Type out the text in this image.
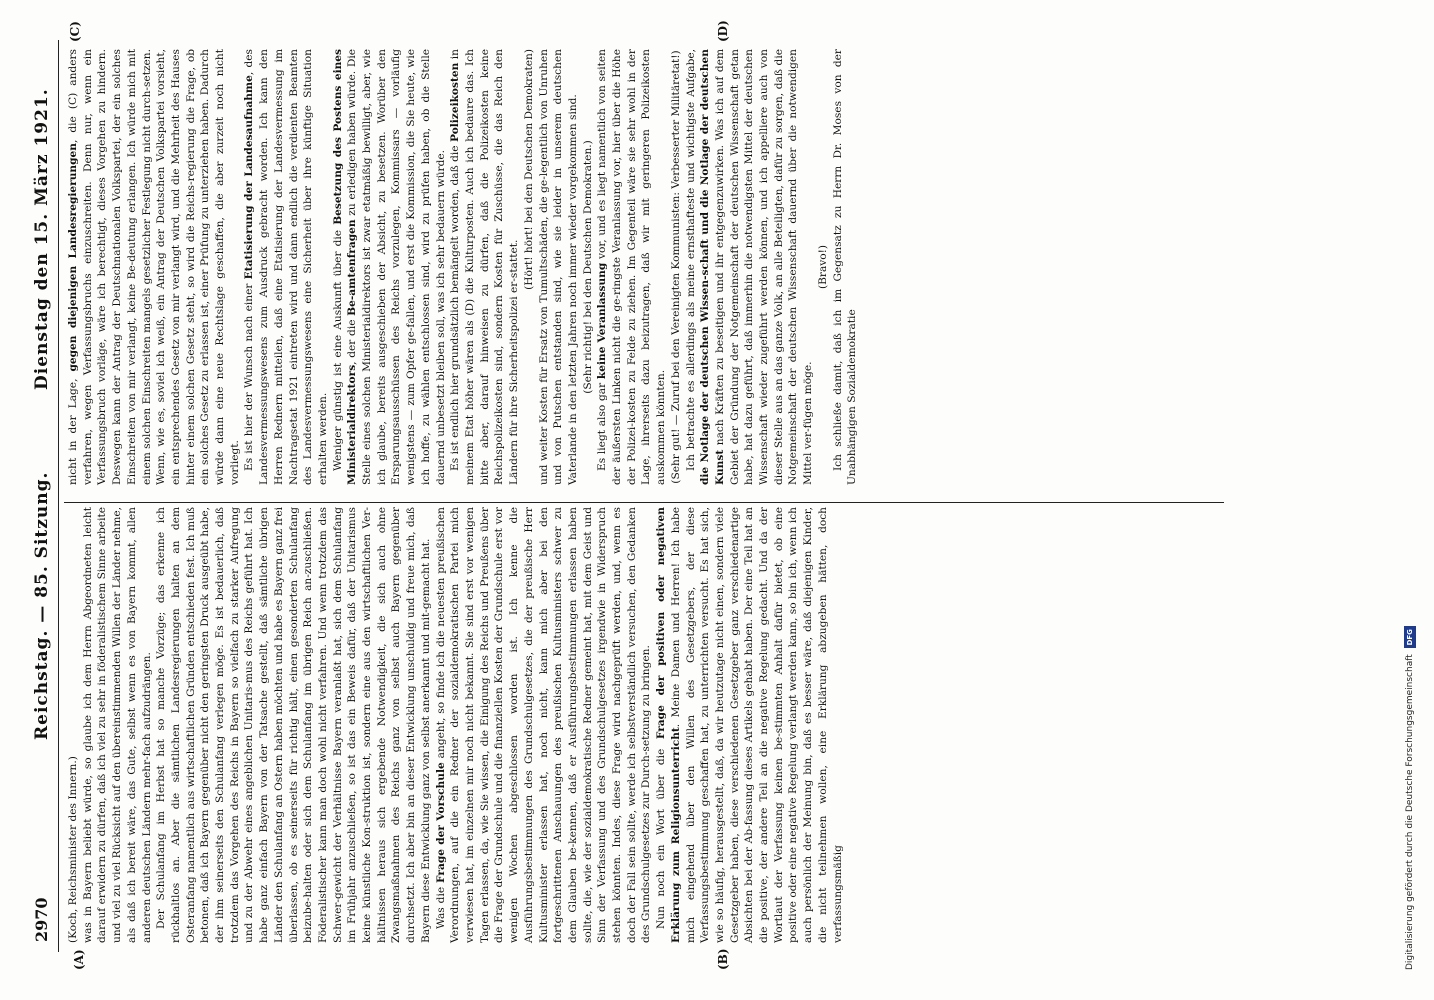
2970
Reichstag. — 85. Sitzung.
Dienstag den 15. März 1921.
(A)	(B)
(C)	(D)

(Koch, Reichsminister des Innern.) was in Bayern beliebt würde, so glaube ich dem Herrn Abgeordneten leicht darauf erwidern zu dürfen, daß ich viel zu sehr in föderalistischem Sinne arbeite und viel zu viel Rücksicht auf den übereinstimmenden Willen der Länder nehme, als daß ich bereit wäre, das Gute, selbst wenn es von Bayern kommt, allen anderen deutschen Ländern mehr-fach aufzudrängen. Der Schulanfang im Herbst hat so manche Vorzüge; das erkenne ich rückhaltlos an. Aber die sämtlichen Landesregierungen halten an dem Osteranfang namentlich aus wirtschaftlichen Gründen entschieden fest. Ich muß betonen, daß ich Bayern gegenüber nicht den geringsten Druck ausgeübt habe, der ihm seinerseits den Schulanfang verlegen möge. Es ist bedauerlich, daß trotzdem das Vorgehen des Reichs in Bayern so vielfach zu starker Aufregung und zu der Abwehr eines angeblichen Unitaris-mus des Reichs geführt hat. Ich habe ganz einfach Bayern von der Tatsache gestellt, daß sämtliche übrigen Länder den Schulanfang an Ostern haben möchten und habe es Bayern ganz frei überlassen, ob es seinerseits für richtig hält, einen gesonderten Schulanfang beizube-halten oder sich dem Schulanfang im übrigen Reich an-zuschließen. Föderalistischer kann man doch wohl nicht verfahren. Und wenn trotzdem das Schwer-gewicht der Verhältnisse Bayern veranlaßt hat, sich dem Schulanfang im Frühjahr anzuschließen, so ist das ein Beweis dafür, daß der Unitarismus keine künstliche Kon-struktion ist, sondern eine aus den wirtschaftlichen Ver-hältnissen heraus sich ergebende Notwendigkeit, die sich auch ohne Zwangsmaßnahmen des Reichs ganz von selbst auch Bayern gegenüber durchsetzt. Ich aber bin an dieser Entwicklung unschuldig und freue mich, daß Bayern diese Entwicklung ganz von selbst anerkannt und mit-gemacht hat. Was die Frage der Vorschule angeht, so finde ich die neuesten preußischen Verordnungen, auf die ein Redner der sozialdemokratischen Partei mich verwiesen hat, im einzelnen mir noch nicht bekannt. Sie sind erst vor wenigen Tagen erlassen, da, wie Sie wissen, die Einigung des Reichs und Preußens über die Frage der Grundschule und die finanziellen Kosten der Grundschule erst vor wenigen Wochen abgeschlossen worden ist. Ich kenne die Ausführungsbestimmungen des Grundschulgesetzes, die der preußische Herr Kultusminister erlassen hat, noch nicht, kann mich aber bei den fortgeschrittenen Anschauungen des preußischen Kultusministers schwer zu dem Glauben be-kennen, daß er Ausführungsbestimmungen erlassen haben sollte, die, wie der sozialdemokratische Redner gemeint hat, mit dem Geist und Sinn der Verfassung und des Grundschulgesetzes irgendwie in Widerspruch stehen könnten. Indes, diese Frage wird nachgeprüft werden, und, wenn es doch der Fall sein sollte, werde ich selbstverständlich versuchen, den Gedanken des Grundschulgesetzes zur Durch-setzung zu bringen. Nun noch ein Wort über die Frage der positiven oder negativen Erklärung zum Religionsunterricht. Meine Damen und Herren! Ich habe mich eingehend über den Willen des Gesetzgebers, der diese Verfassungsbestimmung geschaffen hat, zu unterrichten versucht. Es hat sich, wie so häufig, herausgestellt, daß, da wir heutzutage nicht einen, sondern viele Gesetzgeber haben, diese verschiedenen Gesetzgeber ganz verschiedenartige Absichten bei der Ab-fassung dieses Artikels gehabt haben. Der eine Teil hat an die positive, der andere Teil an die negative Regelung gedacht. Und da der Wortlaut der Verfassung keinen be-stimmten Anhalt dafür bietet, ob eine positive oder eine negative Regelung verlangt werden kann, so bin ich, wenn ich auch persönlich der Meinung bin, daß es besser wäre, daß diejenigen Kinder, die nicht teilnehmen wollen, eine Erklärung abzugeben hätten, doch verfassungsmäßig

nicht in der Lage, gegen diejenigen Landesregierungen, die (C) anders verfahren, wegen Verfassungsbruchs einzuschreiten. Denn nur, wenn ein Verfassungsbruch vorläge, wäre ich berechtigt, dieses Vorgehen zu hindern. Deswegen kann der Antrag der Deutschnationalen Volkspartei, der ein solches Einschreiten von mir verlangt, keine Be-deutung erlangen. Ich würde mich mit einem solchen Einschreiten mangels gesetzlicher Festlegung nicht durch-setzen. Wenn, wie es, soviel ich weiß, ein Antrag der Deutschen Volkspartei vorsieht, ein entsprechendes Gesetz von mir verlangt wird, und die Mehrheit des Hauses hinter einem solchen Gesetz steht, so wird die Reichs-regierung die Frage, ob ein solches Gesetz zu erlassen ist, einer Prüfung zu unterziehen haben. Dadurch würde dann eine neue Rechtslage geschaffen, die aber zurzeit noch nicht vorliegt. Es ist hier der Wunsch nach einer Etatisierung der Landesaufnahme, des Landesvermessungswesens zum Ausdruck gebracht worden. Ich kann den Herren Rednern mitteilen, daß eine Etatisierung der Landesvermessung im Nachtragsetat 1921 eintreten wird und dann endlich die verdienten Beamten des Landesvermessungswesens eine Sicherheit über ihre künftige Situation erhalten werden. Weniger günstig ist eine Auskunft über die Besetzung des Postens eines Ministerialdirektors, der die Be-amtenfragen zu erledigen haben würde. Die Stelle eines solchen Ministerialdirektors ist zwar etatmäßig bewilligt, aber, wie ich glaube, bereits ausgeschieben der Absicht, zu besetzen. Worüber den Ersparungsausschüssen des Reichs vorzulegen, Kommissars — vorläufig wenigstens — zum Opfer ge-fallen, und erst die Kommission, die Sie heute, wie ich hoffe, zu wählen entschlossen sind, wird zu prüfen haben, ob die Stelle dauernd unbesetzt bleiben soll, was ich sehr bedauern würde. Es ist endlich hier grundsätzlich bemängelt worden, daß die Polizeikosten in meinem Etat höher wären als (D) die Kulturposten. Auch ich bedaure das. Ich bitte aber, darauf hinweisen zu dürfen, daß die Polizeikosten keine Reichspolizeikosten sind, sondern Kosten für Zuschüsse, die das Reich den Ländern für ihre Sicherheitspolizei er-stattet.

(Hört! hört! bei den Deutschen Demokraten) und weiter Kosten für Ersatz von Tumultschäden, die ge-legentlich von Unruhen und von Putschen entstanden sind, wie sie leider in unserem deutschen Vaterlande in den letzten Jahren noch immer wieder vorgekommen sind. (Sehr richtig! bei den Deutschen Demokraten.)

Es liegt also gar keine Veranlassung vor, und es liegt namentlich von seiten der äußersten Linken nicht die ge-ringste Veranlassung vor, hier über die Höhe der Polizei-kosten zu Felde zu ziehen. Im Gegenteil wäre sie sehr wohl in der Lage, ihrerseits dazu beizutragen, daß wir mit geringeren Polizeikosten auskommen könnten. (Sehr gut! — Zuruf bei den Vereinigten Kommunisten: Verbesserter Militäretat!) Ich betrachte es allerdings als meine ernsthafteste und wichtigste Aufgabe, die Notlage der deutschen Wissen-schaft und die Notlage der deutschen Kunst nach Kräften zu beseitigen und ihr entgegenzuwirken. Was ich auf dem Gebiet der Gründung der Notgemeinschaft der deutschen Wissenschaft getan habe, hat dazu geführt, daß immerhin die notwendigsten Mittel der deutschen Wissenschaft wieder zugeführt werden können, und ich appelliere auch von dieser Stelle aus an das ganze Volk, an alle Beteiligten, dafür zu sorgen, daß die Notgemeinschaft der deutschen Wissenschaft dauernd über die notwendigen Mittel ver-fügen möge.

(Bravo!) Ich schließe damit, daß ich im Gegensatz zu Herrn Dr. Moses von der Unabhängigen Sozialdemokratie

Digitalisierung gefördert durch die Deutsche Forschungsgemeinschaft
DFG
